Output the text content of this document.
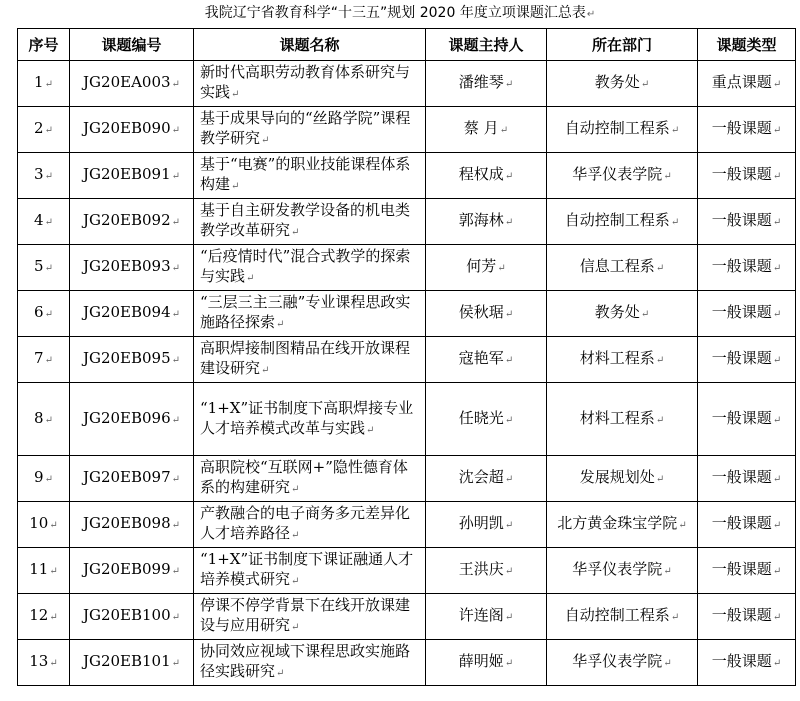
我院辽宁省教育科学“十三五”规划 2020 年度立项课题汇总表↵
序号	课题编号	课题名称	课题主持人	所在部门	课题类型
1↵	JG20EA003↵	新时代高职劳动教育体系研究与实践↵	潘维琴↵	教务处↵	重点课题↵
2↵	JG20EB090↵	基于成果导向的“丝路学院”课程教学研究↵	蔡 月↵	自动控制工程系↵	一般课题↵
3↵	JG20EB091↵	基于“电赛”的职业技能课程体系构建↵	程权成↵	华孚仪表学院↵	一般课题↵
4↵	JG20EB092↵	基于自主研发教学设备的机电类教学改革研究↵	郭海林↵	自动控制工程系↵	一般课题↵
5↵	JG20EB093↵	“后疫情时代”混合式教学的探索与实践↵	何芳↵	信息工程系↵	一般课题↵
6↵	JG20EB094↵	“三层三主三融”专业课程思政实施路径探索↵	侯秋琚↵	教务处↵	一般课题↵
7↵	JG20EB095↵	高职焊接制图精品在线开放课程建设研究↵	寇艳军↵	材料工程系↵	一般课题↵
8↵	JG20EB096↵	“1+X”证书制度下高职焊接专业人才培养模式改革与实践↵	任晓光↵	材料工程系↵	一般课题↵
9↵	JG20EB097↵	高职院校“互联网+”隐性德育体系的构建研究↵	沈会超↵	发展规划处↵	一般课题↵
10↵	JG20EB098↵	产教融合的电子商务多元差异化人才培养路径↵	孙明凯↵	北方黄金珠宝学院↵	一般课题↵
11↵	JG20EB099↵	“1+X”证书制度下课证融通人才培养模式研究↵	王洪庆↵	华孚仪表学院↵	一般课题↵
12↵	JG20EB100↵	停课不停学背景下在线开放课建设与应用研究↵	许连阁↵	自动控制工程系↵	一般课题↵
13↵	JG20EB101↵	协同效应视域下课程思政实施路径实践研究↵	薛明姬↵	华孚仪表学院↵	一般课题↵
